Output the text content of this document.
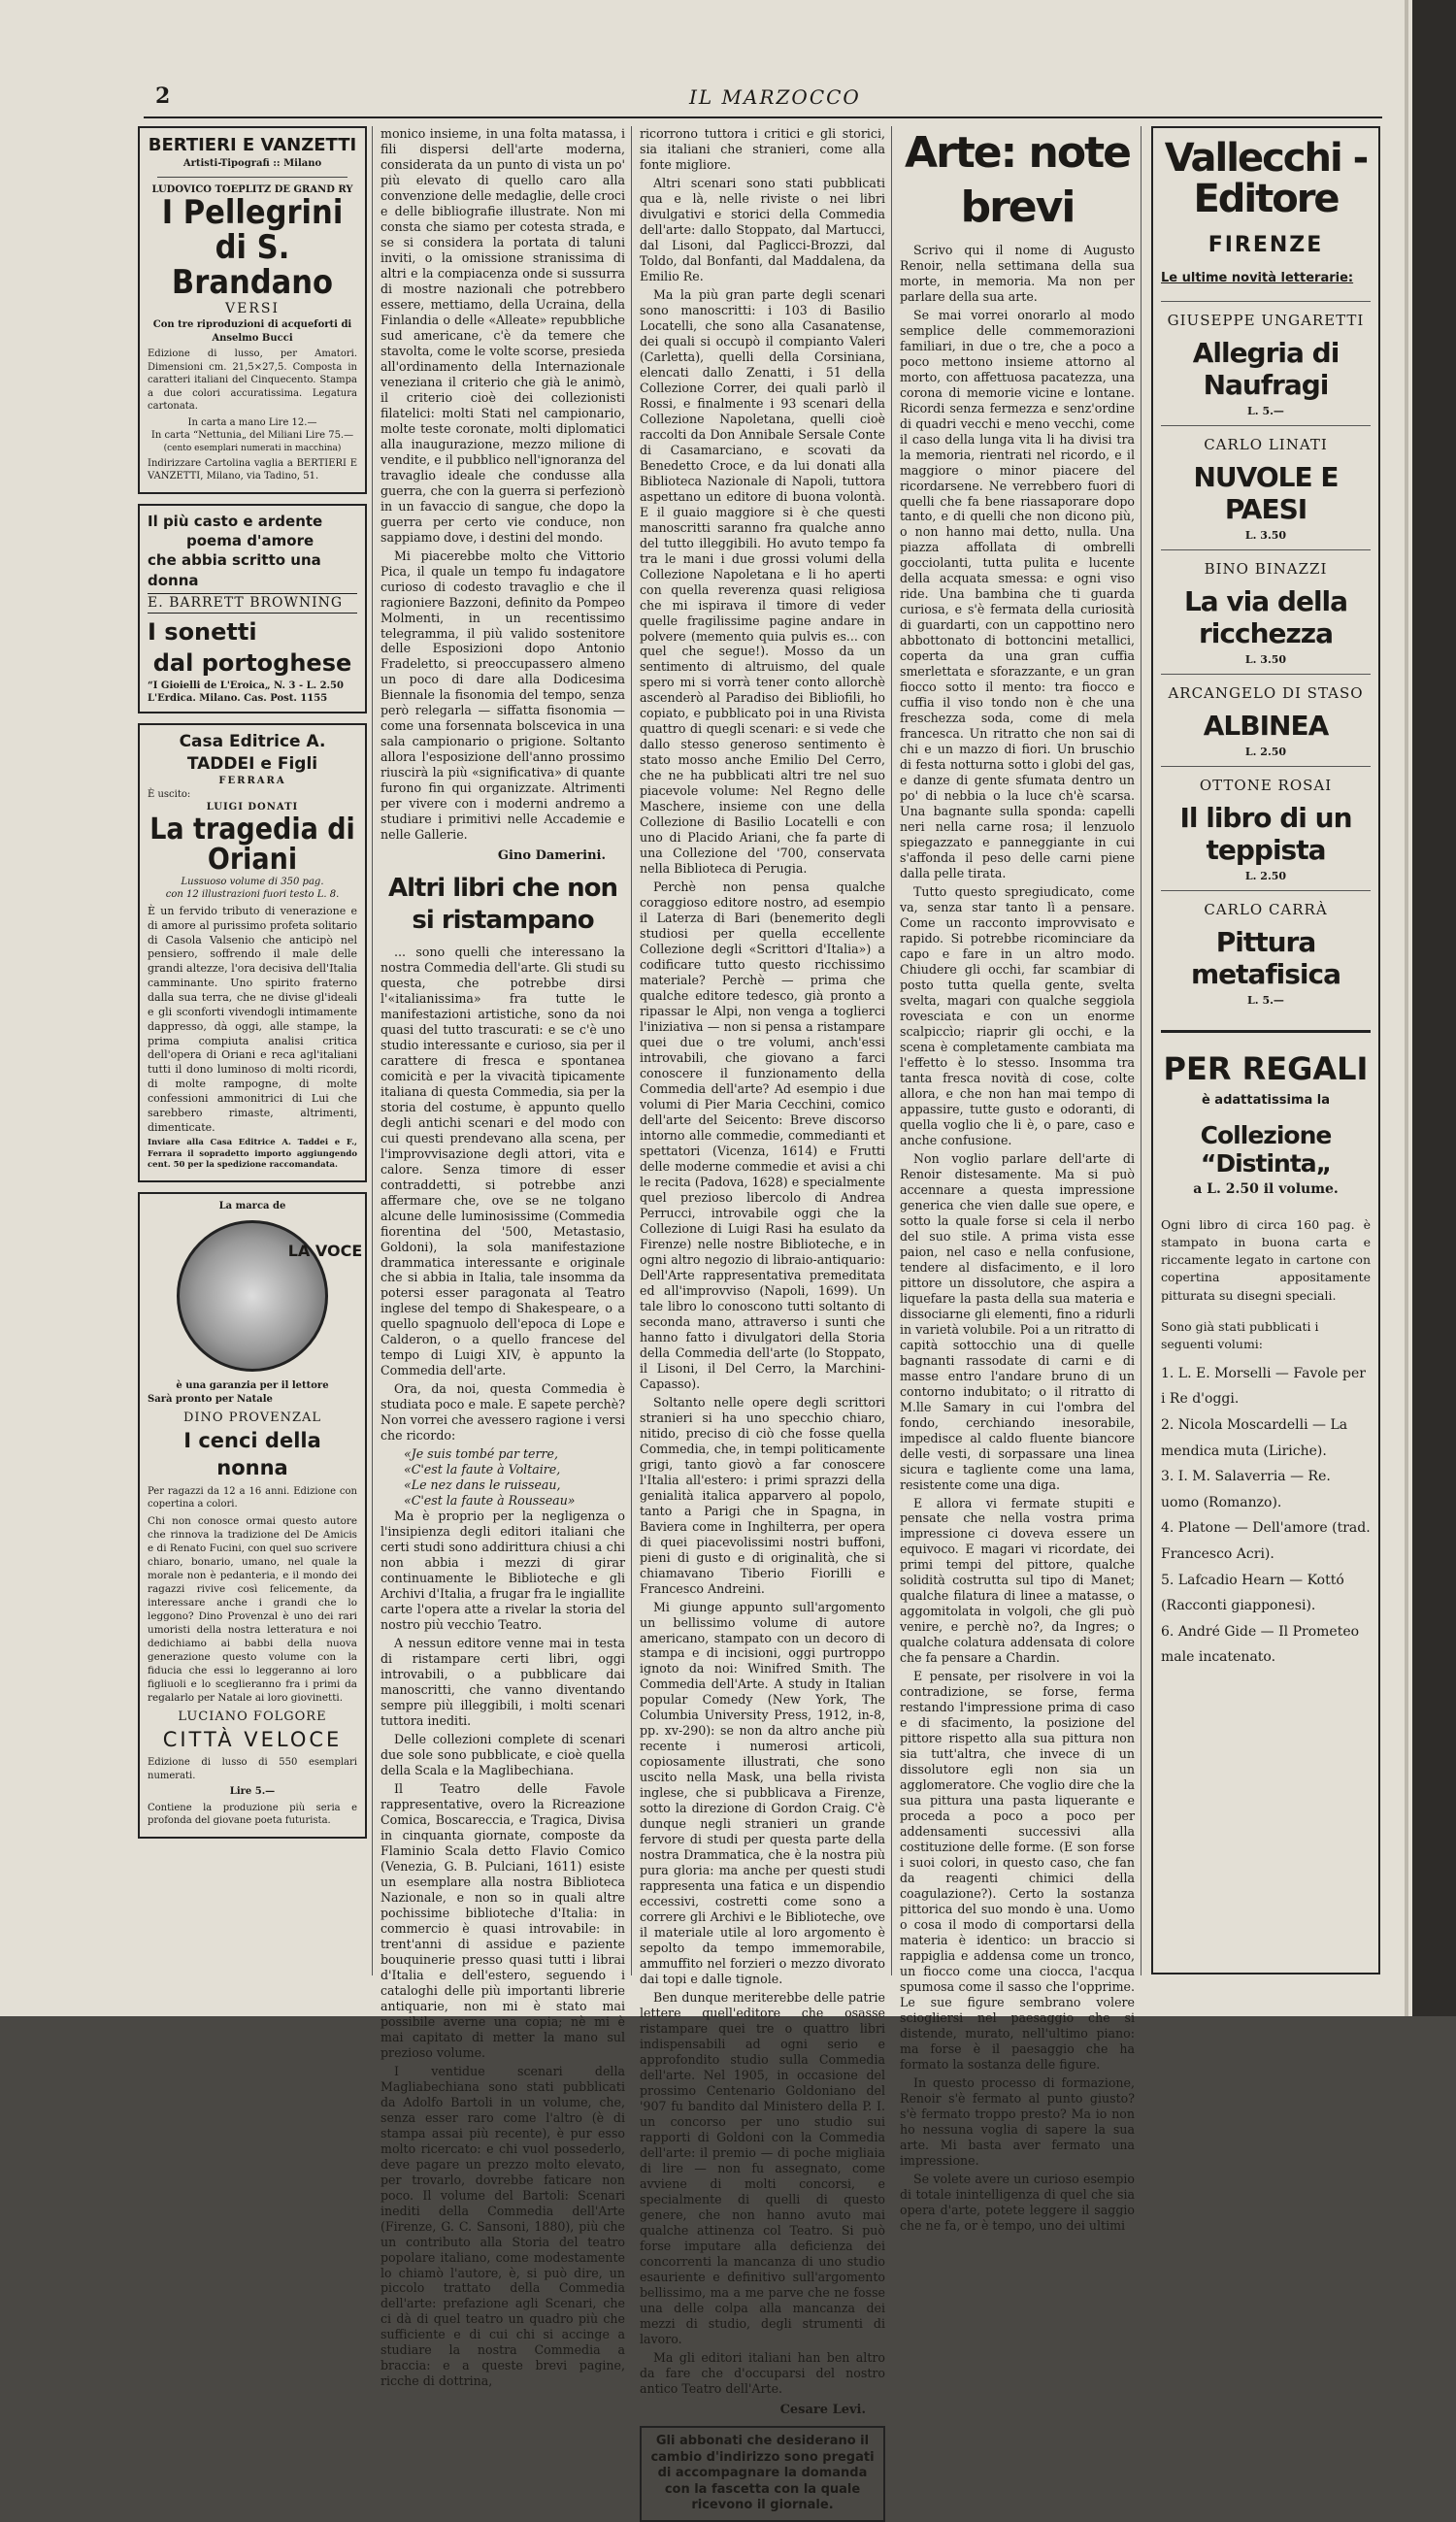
2	IL MARZOCCO
BERTIERI E VANZETTI
Artisti-Tipografi :: Milano
LUDOVICO TOEPLITZ DE GRAND RY
I Pellegrini
di S. Brandano
VERSI
Con tre riproduzioni di acqueforti di Anselmo Bucci

Edizione di lusso, per Amatori. Dimensioni cm. 21,5×27,5. Composta in caratteri italiani del Cinquecento. Stampa a due colori accuratissima. Legatura cartonata.

In carta a mano Lire 12.—
In carta “Nettunia„ del Miliani Lire 75.—
(cento esemplari numerati in macchina)

Indirizzare Cartolina vaglia a BERTIERI E VANZETTI, Milano, via Tadino, 51.

Il più casto e ardente
poema d'amore
che abbia scritto una donna
E. BARRETT BROWNING
I sonetti
dal portoghese
“I Gioielli de L'Eroica„ N. 3 - L. 2.50
L'Erdica. Milano. Cas. Post. 1155
Casa Editrice A. TADDEI e Figli
FERRARA
È uscito:
LUIGI DONATI
La tragedia di Oriani
Lussuoso volume di 350 pag.
con 12 illustrazioni fuori testo L. 8.

È un fervido tributo di venerazione e di amore al purissimo profeta solitario di Casola Valsenio che anticipò nel pensiero, soffrendo il male delle grandi altezze, l'ora decisiva dell'Italia camminante. Uno spirito fraterno dalla sua terra, che ne divise gl'ideali e gli sconforti vivendogli intimamente dappresso, dà oggi, alle stampe, la prima compiuta analisi critica dell'opera di Oriani e reca agl'italiani tutti il dono luminoso di molti ricordi, di molte rampogne, di molte confessioni ammonitrici di Lui che sarebbero rimaste, altrimenti, dimenticate.

Inviare alla Casa Editrice A. Taddei e F., Ferrara il sopradetto importo aggiungendo cent. 50 per la spedizione raccomandata.

La marca de
LA VOCE
è una garanzia per il lettore
Sarà pronto per Natale
DINO PROVENZAL
I cenci della nonna

Per ragazzi da 12 a 16 anni. Edizione con copertina a colori.

Chi non conosce ormai questo autore che rinnova la tradizione del De Amicis e di Renato Fucini, con quel suo scrivere chiaro, bonario, umano, nel quale la morale non è pedanteria, e il mondo dei ragazzi rivive così felicemente, da interessare anche i grandi che lo leggono? Dino Provenzal è uno dei rari umoristi della nostra letteratura e noi dedichiamo ai babbi della nuova generazione questo volume con la fiducia che essi lo leggeranno ai loro figliuoli e lo sceglieranno fra i primi da regalarlo per Natale ai loro giovinetti.

LUCIANO FOLGORE
CITTÀ VELOCE

Edizione di lusso di 550 esemplari numerati.

Lire 5.—

Contiene la produzione più seria e profonda del giovane poeta futurista.

monico insieme, in una folta matassa, i fili dispersi dell'arte moderna, considerata da un punto di vista un po' più elevato di quello caro alla convenzione delle medaglie, delle croci e delle bibliografie illustrate. Non mi consta che siamo per cotesta strada, e se si considera la portata di taluni inviti, o la omissione stranissima di altri e la compiacenza onde si sussurra di mostre nazionali che potrebbero essere, mettiamo, della Ucraina, della Finlandia o delle «Alleate» repubbliche sud americane, c'è da temere che stavolta, come le volte scorse, presieda all'ordinamento della Internazionale veneziana il criterio che già le animò, il criterio cioè dei collezionisti filatelici: molti Stati nel campionario, molte teste coronate, molti diplomatici alla inaugurazione, mezzo milione di vendite, e il pubblico nell'ignoranza del travaglio ideale che condusse alla guerra, che con la guerra si perfezionò in un favaccio di sangue, che dopo la guerra per certo vie conduce, non sappiamo dove, i destini del mondo.

Mi piacerebbe molto che Vittorio Pica, il quale un tempo fu indagatore curioso di codesto travaglio e che il ragioniere Bazzoni, definito da Pompeo Molmenti, in un recentissimo telegramma, il più valido sostenitore delle Esposizioni dopo Antonio Fradeletto, si preoccupassero almeno un poco di dare alla Dodicesima Biennale la fisonomia del tempo, senza però relegarla — siffatta fisonomia — come una forsennata bolscevica in una sala campionario o prigione. Soltanto allora l'esposizione dell'anno prossimo riuscirà la più «significativa» di quante furono fin qui organizzate. Altrimenti per vivere con i moderni andremo a studiare i primitivi nelle Accademie e nelle Gallerie.

Gino Damerini.
Altri libri che non si ristampano

... sono quelli che interessano la nostra Commedia dell'arte. Gli studi su questa, che potrebbe dirsi l'«italianissima» fra tutte le manifestazioni artistiche, sono da noi quasi del tutto trascurati: e se c'è uno studio interessante e curioso, sia per il carattere di fresca e spontanea comicità e per la vivacità tipicamente italiana di questa Commedia, sia per la storia del costume, è appunto quello degli antichi scenari e del modo con cui questi prendevano alla scena, per l'improvvisazione degli attori, vita e calore. Senza timore di esser contraddetti, si potrebbe anzi affermare che, ove se ne tolgano alcune delle luminosissime (Commedia fiorentina del '500, Metastasio, Goldoni), la sola manifestazione drammatica interessante e originale che si abbia in Italia, tale insomma da potersi esser paragonata al Teatro inglese del tempo di Shakespeare, o a quello spagnuolo dell'epoca di Lope e Calderon, o a quello francese del tempo di Luigi XIV, è appunto la Commedia dell'arte.

Ora, da noi, questa Commedia è studiata poco e male. E sapete perchè? Non vorrei che avessero ragione i versi che ricordo:

«Je suis tombé par terre,
«C'est la faute à Voltaire,
«Le nez dans le ruisseau,
«C'est la faute à Rousseau»

Ma è proprio per la negligenza o l'insipienza degli editori italiani che certi studi sono addirittura chiusi a chi non abbia i mezzi di girar continuamente le Biblioteche e gli Archivi d'Italia, a frugar fra le ingiallite carte l'opera atte a rivelar la storia del nostro più vecchio Teatro.

A nessun editore venne mai in testa di ristampare certi libri, oggi introvabili, o a pubblicare dai manoscritti, che vanno diventando sempre più illeggibili, i molti scenari tuttora inediti.

Delle collezioni complete di scenari due sole sono pubblicate, e cioè quella della Scala e la Maglibechiana.

Il Teatro delle Favole rappresentative, overo la Ricreazione Comica, Boscareccia, e Tragica, Divisa in cinquanta giornate, composte da Flaminio Scala detto Flavio Comico (Venezia, G. B. Pulciani, 1611) esiste un esemplare alla nostra Biblioteca Nazionale, e non so in quali altre pochissime biblioteche d'Italia: in commercio è quasi introvabile: in trent'anni di assidue e paziente bouquinerie presso quasi tutti i librai d'Italia e dell'estero, seguendo i cataloghi delle più importanti librerie antiquarie, non mi è stato mai possibile averne una copia; nè mi è mai capitato di metter la mano sul prezioso volume.

I ventidue scenari della Magliabechiana sono stati pubblicati da Adolfo Bartoli in un volume, che, senza esser raro come l'altro (è di stampa assai più recente), è pur esso molto ricercato: e chi vuol possederlo, deve pagare un prezzo molto elevato, per trovarlo, dovrebbe faticare non poco. Il volume del Bartoli: Scenari inediti della Commedia dell'Arte (Firenze, G. C. Sansoni, 1880), più che un contributo alla Storia del teatro popolare italiano, come modestamente lo chiamò l'autore, è, si può dire, un piccolo trattato della Commedia dell'arte: prefazione agli Scenari, che ci dà di quel teatro un quadro più che sufficiente e di cui chi si accinge a studiare la nostra Commedia a braccia: e a queste brevi pagine, ricche di dottrina,

ricorrono tuttora i critici e gli storici, sia italiani che stranieri, come alla fonte migliore.

Altri scenari sono stati pubblicati qua e là, nelle riviste o nei libri divulgativi e storici della Commedia dell'arte: dallo Stoppato, dal Martucci, dal Lisoni, dal Paglicci-Brozzi, dal Toldo, dal Bonfanti, dal Maddalena, da Emilio Re.

Ma la più gran parte degli scenari sono manoscritti: i 103 di Basilio Locatelli, che sono alla Casanatense, dei quali si occupò il compianto Valeri (Carletta), quelli della Corsiniana, elencati dallo Zenatti, i 51 della Collezione Correr, dei quali parlò il Rossi, e finalmente i 93 scenari della Collezione Napoletana, quelli cioè raccolti da Don Annibale Sersale Conte di Casamarciano, e scovati da Benedetto Croce, e da lui donati alla Biblioteca Nazionale di Napoli, tuttora aspettano un editore di buona volontà. E il guaio maggiore si è che questi manoscritti saranno fra qualche anno del tutto illeggibili. Ho avuto tempo fa tra le mani i due grossi volumi della Collezione Napoletana e li ho aperti con quella reverenza quasi religiosa che mi ispirava il timore di veder quelle fragilissime pagine andare in polvere (memento quia pulvis es... con quel che segue!). Mosso da un sentimento di altruismo, del quale spero mi si vorrà tener conto allorchè ascenderò al Paradiso dei Bibliofili, ho copiato, e pubblicato poi in una Rivista quattro di quegli scenari: e si vede che dallo stesso generoso sentimento è stato mosso anche Emilio Del Cerro, che ne ha pubblicati altri tre nel suo piacevole volume: Nel Regno delle Maschere, insieme con une della Collezione di Basilio Locatelli e con uno di Placido Ariani, che fa parte di una Collezione del '700, conservata nella Biblioteca di Perugia.

Perchè non pensa qualche coraggioso editore nostro, ad esempio il Laterza di Bari (benemerito degli studiosi per quella eccellente Collezione degli «Scrittori d'Italia») a codificare tutto questo ricchissimo materiale? Perchè — prima che qualche editore tedesco, già pronto a ripassar le Alpi, non venga a toglierci l'iniziativa — non si pensa a ristampare quei due o tre volumi, anch'essi introvabili, che giovano a farci conoscere il funzionamento della Commedia dell'arte? Ad esempio i due volumi di Pier Maria Cecchini, comico dell'arte del Seicento: Breve discorso intorno alle commedie, commedianti et spettatori (Vicenza, 1614) e Frutti delle moderne commedie et avisi a chi le recita (Padova, 1628) e specialmente quel prezioso libercolo di Andrea Perrucci, introvabile oggi che la Collezione di Luigi Rasi ha esulato da Firenze) nelle nostre Biblioteche, e in ogni altro negozio di libraio-antiquario: Dell'Arte rappresentativa premeditata ed all'improvviso (Napoli, 1699). Un tale libro lo conoscono tutti soltanto di seconda mano, attraverso i sunti che hanno fatto i divulgatori della Storia della Commedia dell'arte (lo Stoppato, il Lisoni, il Del Cerro, la Marchini-Capasso).

Soltanto nelle opere degli scrittori stranieri si ha uno specchio chiaro, nitido, preciso di ciò che fosse quella Commedia, che, in tempi politicamente grigi, tanto giovò a far conoscere l'Italia all'estero: i primi sprazzi della genialità italica apparvero al popolo, tanto a Parigi che in Spagna, in Baviera come in Inghilterra, per opera di quei piacevolissimi nostri buffoni, pieni di gusto e di originalità, che si chiamavano Tiberio Fiorilli e Francesco Andreini.

Mi giunge appunto sull'argomento un bellissimo volume di autore americano, stampato con un decoro di stampa e di incisioni, oggi purtroppo ignoto da noi: Winifred Smith. The Commedia dell'Arte. A study in Italian popular Comedy (New York, The Columbia University Press, 1912, in-8, pp. xv-290): se non da altro anche più recente i numerosi articoli, copiosamente illustrati, che sono uscito nella Mask, una bella rivista inglese, che si pubblicava a Firenze, sotto la direzione di Gordon Craig. C'è dunque negli stranieri un grande fervore di studi per questa parte della nostra Drammatica, che è la nostra più pura gloria: ma anche per questi studi rappresenta una fatica e un dispendio eccessivi, costretti come sono a correre gli Archivi e le Biblioteche, ove il materiale utile al loro argomento è sepolto da tempo immemorabile, ammuffito nel forzieri o mezzo divorato dai topi e dalle tignole.

Ben dunque meriterebbe delle patrie lettere quell'editore che osasse ristampare quei tre o quattro libri indispensabili ad ogni serio e approfondito studio sulla Commedia dell'arte. Nel 1905, in occasione del prossimo Centenario Goldoniano del '907 fu bandito dal Ministero della P. I. un concorso per uno studio sui rapporti di Goldoni con la Commedia dell'arte: il premio — di poche migliaia di lire — non fu assegnato, come avviene di molti concorsi, e specialmente di quelli di questo genere, che non hanno avuto mai qualche attinenza col Teatro. Si può forse imputare alla deficienza dei concorrenti la mancanza di uno studio esauriente e definitivo sull'argomento bellissimo, ma a me parve che ne fosse una delle colpa alla mancanza dei mezzi di studio, degli strumenti di lavoro.

Ma gli editori italiani han ben altro da fare che d'occuparsi del nostro antico Teatro dell'Arte.

Cesare Levi.
Gli abbonati che desiderano il cambio d'indirizzo sono pregati di accompagnare la domanda con la fascetta con la quale ricevono il giornale.
Arte: note brevi

Scrivo qui il nome di Augusto Renoir, nella settimana della sua morte, in memoria. Ma non per parlare della sua arte.

Se mai vorrei onorarlo al modo semplice delle commemorazioni familiari, in due o tre, che a poco a poco mettono insieme attorno al morto, con affettuosa pacatezza, una corona di memorie vicine e lontane. Ricordi senza fermezza e senz'ordine di quadri vecchi e meno vecchi, come il caso della lunga vita li ha divisi tra la memoria, rientrati nel ricordo, e il maggiore o minor piacere del ricordarsene. Ne verrebbero fuori di quelli che fa bene riassaporare dopo tanto, e di quelli che non dicono più, o non hanno mai detto, nulla. Una piazza affollata di ombrelli gocciolanti, tutta pulita e lucente della acquata smessa: e ogni viso ride. Una bambina che ti guarda curiosa, e s'è fermata della curiosità di guardarti, con un cappottino nero abbottonato di bottoncini metallici, coperta da una gran cuffia smerlettata e sforazzante, e un gran fiocco sotto il mento: tra fiocco e cuffia il viso tondo non è che una freschezza soda, come di mela francesca. Un ritratto che non sai di chi e un mazzo di fiori. Un bruschio di festa notturna sotto i globi del gas, e danze di gente sfumata dentro un po' di nebbia o la luce ch'è scarsa. Una bagnante sulla sponda: capelli neri nella carne rosa; il lenzuolo spiegazzato e panneggiante in cui s'affonda il peso delle carni piene dalla pelle tirata.

Tutto questo spregiudicato, come va, senza star tanto lì a pensare. Come un racconto improvvisato e rapido. Si potrebbe ricominciare da capo e fare in un altro modo. Chiudere gli occhi, far scambiar di posto tutta quella gente, svelta svelta, magari con qualche seggiola rovesciata e con un enorme scalpiccìo; riaprir gli occhi, e la scena è completamente cambiata ma l'effetto è lo stesso. Insomma tra tanta fresca novità di cose, colte allora, e che non han mai tempo di appassire, tutte gusto e odoranti, di quella voglio che li è, o pare, caso e anche confusione.

Non voglio parlare dell'arte di Renoir distesamente. Ma si può accennare a questa impressione generica che vien dalle sue opere, e sotto la quale forse si cela il nerbo del suo stile. A prima vista esse paion, nel caso e nella confusione, tendere al disfacimento, e il loro pittore un dissolutore, che aspira a liquefare la pasta della sua materia e dissociarne gli elementi, fino a ridurli in varietà volubile. Poi a un ritratto di capità sottocchio una di quelle bagnanti rassodate di carni e di masse entro l'andare bruno di un contorno indubitato; o il ritratto di M.lle Samary in cui l'ombra del fondo, cerchiando inesorabile, impedisce al caldo fluente biancore delle vesti, di sorpassare una linea sicura e tagliente come una lama, resistente come una diga.

E allora vi fermate stupiti e pensate che nella vostra prima impressione ci doveva essere un equivoco. E magari vi ricordate, dei primi tempi del pittore, qualche solidità costrutta sul tipo di Manet; qualche filatura di linee a matasse, o aggomitolata in volgoli, che gli può venire, e perchè no?, da Ingres; o qualche colatura addensata di colore che fa pensare a Chardin.

E pensate, per risolvere in voi la contradizione, se forse, ferma restando l'impressione prima di caso e di sfacimento, la posizione del pittore rispetto alla sua pittura non sia tutt'altra, che invece di un dissolutore egli non sia un agglomeratore. Che voglio dire che la sua pittura una pasta liquerante e proceda a poco a poco per addensamenti successivi alla costituzione delle forme. (E son forse i suoi colori, in questo caso, che fan da reagenti chimici della coagulazione?). Certo la sostanza pittorica del suo mondo è una. Uomo o cosa il modo di comportarsi della materia è identico: un braccio si rappiglia e addensa come un tronco, un fiocco come una ciocca, l'acqua spumosa come il sasso che l'opprime. Le sue figure sembrano volere sciogliersi nel paesaggio che si distende, murato, nell'ultimo piano: ma forse è il paesaggio che ha formato la sostanza delle figure.

In questo processo di formazione, Renoir s'è fermato al punto giusto? s'è fermato troppo presto? Ma io non ho nessuna voglia di sapere la sua arte. Mi basta aver fermato una impressione.

Se volete avere un curioso esempio di totale inintelligenza di quel che sia opera d'arte, potete leggere il saggio che ne fa, or è tempo, uno dei ultimi

Vallecchi - Editore
FIRENZE
Le ultime novità letterarie:
GIUSEPPE UNGARETTI
Allegria di Naufragi
L. 5.—
CARLO LINATI
NUVOLE E PAESI
L. 3.50
BINO BINAZZI
La via della ricchezza
L. 3.50
ARCANGELO DI STASO
ALBINEA
L. 2.50
OTTONE ROSAI
Il libro di un teppista
L. 2.50
CARLO CARRÀ
Pittura metafisica
L. 5.—
PER REGALI
è adattatissima la
Collezione “Distinta„
a L. 2.50 il volume.

Ogni libro di circa 160 pag. è stampato in buona carta e riccamente legato in cartone con copertina appositamente pitturata su disegni speciali.

Sono già stati pubblicati i seguenti volumi:

1. L. E. Morselli — Favole per i Re d'oggi.
2. Nicola Moscardelli — La mendica muta (Liriche).
3. I. M. Salaverria — Re. uomo (Romanzo).
4. Platone — Dell'amore (trad. Francesco Acri).
5. Lafcadio Hearn — Kottó (Racconti giapponesi).
6. André Gide — Il Prometeo male incatenato.
